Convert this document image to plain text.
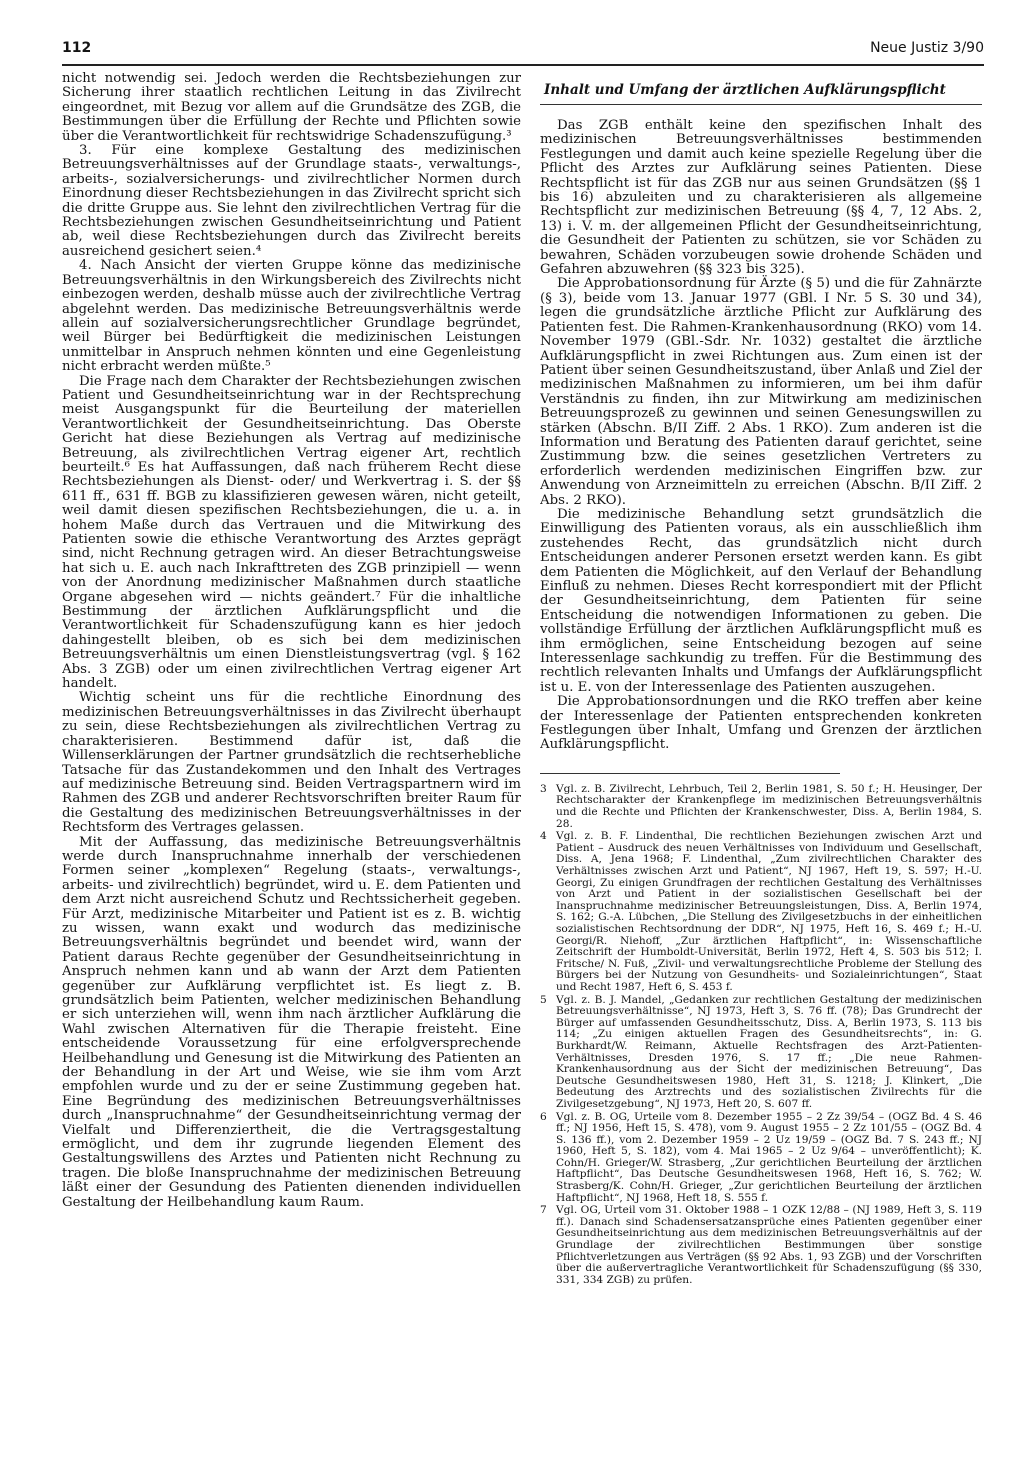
112	Neue Justiz 3/90

nicht notwendig sei. Jedoch werden die Rechtsbeziehungen zur Sicherung ihrer staatlich rechtlichen Leitung in das Zivilrecht eingeordnet, mit Bezug vor allem auf die Grundsätze des ZGB, die Bestimmungen über die Erfüllung der Rechte und Pflichten sowie über die Verantwortlichkeit für rechtswidrige Schadenszufügung.³

3. Für eine komplexe Gestaltung des medizinischen Betreuungsverhältnisses auf der Grundlage staats-, verwaltungs-, arbeits-, sozialversicherungs- und zivilrechtlicher Normen durch Einordnung dieser Rechtsbeziehungen in das Zivilrecht spricht sich die dritte Gruppe aus. Sie lehnt den zivilrechtlichen Vertrag für die Rechtsbeziehungen zwischen Gesundheitseinrichtung und Patient ab, weil diese Rechtsbeziehungen durch das Zivilrecht bereits ausreichend gesichert seien.⁴

4. Nach Ansicht der vierten Gruppe könne das medizinische Betreuungsverhältnis in den Wirkungsbereich des Zivilrechts nicht einbezogen werden, deshalb müsse auch der zivilrechtliche Vertrag abgelehnt werden. Das medizinische Betreuungsverhältnis werde allein auf sozialversicherungsrechtlicher Grundlage begründet, weil Bürger bei Bedürftigkeit die medizinischen Leistungen unmittelbar in Anspruch nehmen könnten und eine Gegenleistung nicht erbracht werden müßte.⁵

Die Frage nach dem Charakter der Rechtsbeziehungen zwischen Patient und Gesundheitseinrichtung war in der Rechtsprechung meist Ausgangspunkt für die Beurteilung der materiellen Verantwortlichkeit der Gesundheitseinrichtung. Das Oberste Gericht hat diese Beziehungen als Vertrag auf medizinische Betreuung, als zivilrechtlichen Vertrag eigener Art, rechtlich beurteilt.⁶ Es hat Auffassungen, daß nach früherem Recht diese Rechtsbeziehungen als Dienst- oder/ und Werkvertrag i. S. der §§ 611 ff., 631 ff. BGB zu klassifizieren gewesen wären, nicht geteilt, weil damit diesen spezifischen Rechtsbeziehungen, die u. a. in hohem Maße durch das Vertrauen und die Mitwirkung des Patienten sowie die ethische Verantwortung des Arztes geprägt sind, nicht Rechnung getragen wird. An dieser Betrachtungsweise hat sich u. E. auch nach Inkrafttreten des ZGB prinzipiell — wenn von der Anordnung medizinischer Maßnahmen durch staatliche Organe abgesehen wird — nichts geändert.⁷ Für die inhaltliche Bestimmung der ärztlichen Aufklärungspflicht und die Verantwortlichkeit für Schadenszufügung kann es hier jedoch dahingestellt bleiben, ob es sich bei dem medizinischen Betreuungsverhältnis um einen Dienstleistungsvertrag (vgl. § 162 Abs. 3 ZGB) oder um einen zivilrechtlichen Vertrag eigener Art handelt.

Wichtig scheint uns für die rechtliche Einordnung des medizinischen Betreuungsverhältnisses in das Zivilrecht überhaupt zu sein, diese Rechtsbeziehungen als zivilrechtlichen Vertrag zu charakterisieren. Bestimmend dafür ist, daß die Willenserklärungen der Partner grundsätzlich die rechtserhebliche Tatsache für das Zustandekommen und den Inhalt des Vertrages auf medizinische Betreuung sind. Beiden Vertragspartnern wird im Rahmen des ZGB und anderer Rechtsvorschriften breiter Raum für die Gestaltung des medizinischen Betreuungsverhältnisses in der Rechtsform des Vertrages gelassen.

Mit der Auffassung, das medizinische Betreuungsverhältnis werde durch Inanspruchnahme innerhalb der verschiedenen Formen seiner „komplexen“ Regelung (staats-, verwaltungs-, arbeits- und zivilrechtlich) begründet, wird u. E. dem Patienten und dem Arzt nicht ausreichend Schutz und Rechtssicherheit gegeben. Für Arzt, medizinische Mitarbeiter und Patient ist es z. B. wichtig zu wissen, wann exakt und wodurch das medizinische Betreuungsverhältnis begründet und beendet wird, wann der Patient daraus Rechte gegenüber der Gesundheitseinrichtung in Anspruch nehmen kann und ab wann der Arzt dem Patienten gegenüber zur Aufklärung verpflichtet ist. Es liegt z. B. grundsätzlich beim Patienten, welcher medizinischen Behandlung er sich unterziehen will, wenn ihm nach ärztlicher Aufklärung die Wahl zwischen Alternativen für die Therapie freisteht. Eine entscheidende Voraussetzung für eine erfolgversprechende Heilbehandlung und Genesung ist die Mitwirkung des Patienten an der Behandlung in der Art und Weise, wie sie ihm vom Arzt empfohlen wurde und zu der er seine Zustimmung gegeben hat. Eine Begründung des medizinischen Betreuungsverhältnisses durch „Inanspruchnahme“ der Gesundheitseinrichtung vermag der Vielfalt und Differenziertheit, die die Vertragsgestaltung ermöglicht, und dem ihr zugrunde liegenden Element des Gestaltungswillens des Arztes und Patienten nicht Rechnung zu tragen. Die bloße Inanspruchnahme der medizinischen Betreuung läßt einer der Gesundung des Patienten dienenden individuellen Gestaltung der Heilbehandlung kaum Raum.

Inhalt und Umfang der ärztlichen Aufklärungspflicht

Das ZGB enthält keine den spezifischen Inhalt des medizinischen Betreuungsverhältnisses bestimmenden Festlegungen und damit auch keine spezielle Regelung über die Pflicht des Arztes zur Aufklärung seines Patienten. Diese Rechtspflicht ist für das ZGB nur aus seinen Grundsätzen (§§ 1 bis 16) abzuleiten und zu charakterisieren als allgemeine Rechtspflicht zur medizinischen Betreuung (§§ 4, 7, 12 Abs. 2, 13) i. V. m. der allgemeinen Pflicht der Gesundheitseinrichtung, die Gesundheit der Patienten zu schützen, sie vor Schäden zu bewahren, Schäden vorzubeugen sowie drohende Schäden und Gefahren abzuwehren (§§ 323 bis 325).

Die Approbationsordnung für Ärzte (§ 5) und die für Zahnärzte (§ 3), beide vom 13. Januar 1977 (GBl. I Nr. 5 S. 30 und 34), legen die grundsätzliche ärztliche Pflicht zur Aufklärung des Patienten fest. Die Rahmen-Krankenhausordnung (RKO) vom 14. November 1979 (GBl.-Sdr. Nr. 1032) gestaltet die ärztliche Aufklärungspflicht in zwei Richtungen aus. Zum einen ist der Patient über seinen Gesundheitszustand, über Anlaß und Ziel der medizinischen Maßnahmen zu informieren, um bei ihm dafür Verständnis zu finden, ihn zur Mitwirkung am medizinischen Betreuungsprozeß zu gewinnen und seinen Genesungswillen zu stärken (Abschn. B/II Ziff. 2 Abs. 1 RKO). Zum anderen ist die Information und Beratung des Patienten darauf gerichtet, seine Zustimmung bzw. die seines gesetzlichen Vertreters zu erforderlich werdenden medizinischen Eingriffen bzw. zur Anwendung von Arzneimitteln zu erreichen (Abschn. B/II Ziff. 2 Abs. 2 RKO).

Die medizinische Behandlung setzt grundsätzlich die Einwilligung des Patienten voraus, als ein ausschließlich ihm zustehendes Recht, das grundsätzlich nicht durch Entscheidungen anderer Personen ersetzt werden kann. Es gibt dem Patienten die Möglichkeit, auf den Verlauf der Behandlung Einfluß zu nehmen. Dieses Recht korrespondiert mit der Pflicht der Gesundheitseinrichtung, dem Patienten für seine Entscheidung die notwendigen Informationen zu geben. Die vollständige Erfüllung der ärztlichen Aufklärungspflicht muß es ihm ermöglichen, seine Entscheidung bezogen auf seine Interessenlage sachkundig zu treffen. Für die Bestimmung des rechtlich relevanten Inhalts und Umfangs der Aufklärungspflicht ist u. E. von der Interessenlage des Patienten auszugehen.

Die Approbationsordnungen und die RKO treffen aber keine der Interessenlage der Patienten entsprechenden konkreten Festlegungen über Inhalt, Umfang und Grenzen der ärztlichen Aufklärungspflicht.

3 Vgl. z. B. Zivilrecht, Lehrbuch, Teil 2, Berlin 1981, S. 50 f.; H. Heusinger, Der Rechtscharakter der Krankenpflege im medizinischen Betreuungsverhältnis und die Rechte und Pflichten der Krankenschwester, Diss. A, Berlin 1984, S. 28.
4 Vgl. z. B. F. Lindenthal, Die rechtlichen Beziehungen zwischen Arzt und Patient – Ausdruck des neuen Verhältnisses von Individuum und Gesellschaft, Diss. A, Jena 1968; F. Lindenthal, „Zum zivilrechtlichen Charakter des Verhältnisses zwischen Arzt und Patient“, NJ 1967, Heft 19, S. 597; H.-U. Georgi, Zu einigen Grundfragen der rechtlichen Gestaltung des Verhältnisses von Arzt und Patient in der sozialistischen Gesellschaft bei der Inanspruchnahme medizinischer Betreuungsleistungen, Diss. A, Berlin 1974, S. 162; G.-A. Lübchen, „Die Stellung des Zivilgesetzbuchs in der einheitlichen sozialistischen Rechtsordnung der DDR“, NJ 1975, Heft 16, S. 469 f.; H.-U. Georgi/R. Niehoff, „Zur ärztlichen Haftpflicht“, in: Wissenschaftliche Zeitschrift der Humboldt-Universität, Berlin 1972, Heft 4, S. 503 bis 512; I. Fritsche/ N. Fuß, „Zivil- und verwaltungsrechtliche Probleme der Stellung des Bürgers bei der Nutzung von Gesundheits- und Sozialeinrichtungen“, Staat und Recht 1987, Heft 6, S. 453 f.
5 Vgl. z. B. J. Mandel, „Gedanken zur rechtlichen Gestaltung der medizinischen Betreuungsverhältnisse“, NJ 1973, Heft 3, S. 76 ff. (78); Das Grundrecht der Bürger auf umfassenden Gesundheitsschutz, Diss. A, Berlin 1973, S. 113 bis 114; „Zu einigen aktuellen Fragen des Gesundheitsrechts“, in: G. Burkhardt/W. Reimann, Aktuelle Rechtsfragen des Arzt-Patienten-Verhältnisses, Dresden 1976, S. 17 ff.; „Die neue Rahmen-Krankenhausordnung aus der Sicht der medizinischen Betreuung“, Das Deutsche Gesundheitswesen 1980, Heft 31, S. 1218; J. Klinkert, „Die Bedeutung des Arztrechts und des sozialistischen Zivilrechts für die Zivilgesetzgebung“, NJ 1973, Heft 20, S. 607 ff.
6 Vgl. z. B. OG, Urteile vom 8. Dezember 1955 – 2 Zz 39/54 – (OGZ Bd. 4 S. 46 ff.; NJ 1956, Heft 15, S. 478), vom 9. August 1955 – 2 Zz 101/55 – (OGZ Bd. 4 S. 136 ff.), vom 2. Dezember 1959 – 2 Uz 19/59 – (OGZ Bd. 7 S. 243 ff.; NJ 1960, Heft 5, S. 182), vom 4. Mai 1965 – 2 Uz 9/64 – unveröffentlicht); K. Cohn/H. Grieger/W. Strasberg, „Zur gerichtlichen Beurteilung der ärztlichen Haftpflicht“, Das Deutsche Gesundheitswesen 1968, Heft 16, S. 762; W. Strasberg/K. Cohn/H. Grieger, „Zur gerichtlichen Beurteilung der ärztlichen Haftpflicht“, NJ 1968, Heft 18, S. 555 f.
7 Vgl. OG, Urteil vom 31. Oktober 1988 – 1 OZK 12/88 – (NJ 1989, Heft 3, S. 119 ff.). Danach sind Schadensersatzansprüche eines Patienten gegenüber einer Gesundheitseinrichtung aus dem medizinischen Betreuungsverhältnis auf der Grundlage der zivilrechtlichen Bestimmungen über sonstige Pflichtverletzungen aus Verträgen (§§ 92 Abs. 1, 93 ZGB) und der Vorschriften über die außervertragliche Verantwortlichkeit für Schadenszufügung (§§ 330, 331, 334 ZGB) zu prüfen.
